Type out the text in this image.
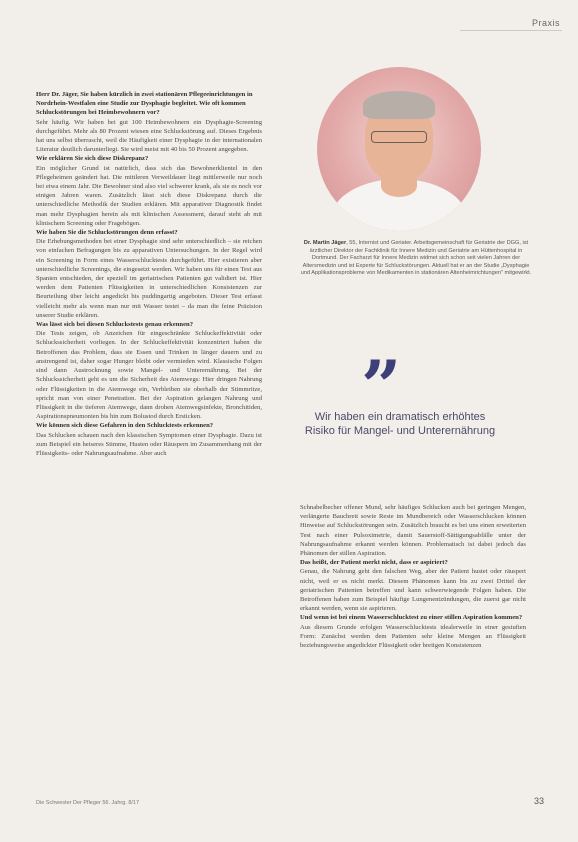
Praxis

Herr Dr. Jäger, Sie haben kürzlich in zwei stationären Pflegeeinrichtungen in Nordrhein-Westfalen eine Studie zur Dysphagie begleitet. Wie oft kommen Schluckstörungen bei Heimbewohnern vor?

Sehr häufig. Wir haben bei gut 100 Heimbewohnern ein Dysphagie-Screening durchgeführt. Mehr als 80 Prozent wiesen eine Schluckstörung auf. Dieses Ergebnis hat uns selbst überrascht, weil die Häufigkeit einer Dysphagie in der internationalen Literatur deutlich darunterliegt. Sie wird meist mit 40 bis 50 Prozent angegeben.

Wie erklären Sie sich diese Diskrepanz?

Ein möglicher Grund ist natürlich, dass sich das Bewohnerklientel in den Pflegeheimen geändert hat. Die mittleren Verweildauer liegt mittlerweile nur noch bei etwa einem Jahr. Die Bewohner sind also viel schwerer krank, als sie es noch vor einigen Jahren waren. Zusätzlich lässt sich diese Diskrepanz durch die unterschiedliche Methodik der Studien erklären. Mit apparativer Diagnostik findet man mehr Dysphagien herein als mit klinischen Assessment, darauf steht ab mit klinischem Screening oder Fragebögen.

Wie haben Sie die Schluckstörungen denn erfasst?

Die Erhebungsmethoden bei einer Dysphagie sind sehr unterschiedlich – sie reichen von einfachen Befragungen bis zu apparativen Untersuchungen. In der Regel wird ein Screening in Form eines Wasserschlucktests durchgeführt. Hier existieren aber unterschiedliche Screenings, die eingesetzt werden. Wir haben uns für einen Test aus Spanien entschieden, der speziell im geriatrischen Patienten gut validiert ist. Hier werden dem Patienten Flüssigkeiten in unterschiedlichen Konsistenzen zur Beurteilung über leicht angedickt bis puddingartig angeboten. Dieser Test erfasst vielleicht mehr als wenn man nur mit Wasser testet – da man die feine Präzision unserer Studie erklären.

Was lässt sich bei diesen Schluckstests genau erkennen?

Die Tests zeigen, ob Anzeichen für eingeschränkte Schluckeffektivität oder Schluckssicherheit vorliegen. In der Schluckeffektivität konzentriert haben die Betroffenen das Problem, dass sie Essen und Trinken in länger dauern und zu anstrengend ist, daher sogar Hunger bleibt oder vermieden wird. Klassische Folgen sind dann Austrocknung sowie Mangel- und Unterernährung. Bei der Schluckssicherheit geht es um die Sicherheit des Atemwegs: Hier dringen Nahrung oder Flüssigkeiten in die Atemwege ein, Verbleiben sie oberhalb der Stimmritze, spricht man von einer Penetration. Bei der Aspiration gelangen Nahrung und Flüssigkeit in die tieferen Atemwege, dann drohen Atemwegsinfekte, Bronchitiden, Aspirationspneumonien bis hin zum Bolustod durch Ersticken.

Wie können sich diese Gefahren in den Schlucktests erkennen?

Das Schlucken schauen nach den klassischen Symptomen einer Dysphagie. Dazu ist zum Beispiel ein heiseres Stimme, Husten oder Räuspern im Zusammenhang mit der Flüssigkeits- oder Nahrungsaufnahme. Aber auch

Dr. Martin Jäger, 55, Internist und Geriater. Arbeitsgemeinschaft für Geriatrie der DGG, ist ärztlicher Direktor der Fachklinik für Innere Medizin und Geriatrie am Hüttenhospital in Dortmund. Der Facharzt für Innere Medizin widmet sich schon seit vielen Jahren der Altersmedizin und ist Experte für Schluckstörungen. Aktuell hat er an der Studie „Dysphagie und Applikationsprobleme von Medikamenten in stationären Altenheimrichtungen" mitgewirkt.
”
Wir haben ein dramatisch erhöhtes Risiko für Mangel- und Unterernährung

Schnabelbecher offener Mund, sehr häufiges Schlucken auch bei geringen Mengen, verlängerte Bauchreit sowie Reste im Mundbereich oder Wasserschlucken können Hinweise auf Schluckstörungen sein. Zusätzlich braucht es bei uns einen erweiterten Test nach einer Pulsoximetrie, damit Sauerstoff-Sättigungsabfälle unter der Nahrungsaufnahme erkannt werden können. Problematisch ist dabei jedoch das Phänomen der stillen Aspiration.

Das heißt, der Patient merkt nicht, dass er aspiriert?

Genau, die Nahrung geht den falschen Weg, aber der Patient hustet oder räuspert nicht, weil er es nicht merkt. Diesem Phänomen kann bis zu zwei Drittel der geriatrischen Patienten betreffen und kann schwerwiegende Folgen haben. Die Betroffenen haben zum Beispiel häufige Lungenentzündungen, die zuerst gar nicht erkannt werden, wenn sie aspirieren.

Und wenn ist bei einem Wasserschlucktest zu einer stillen Aspiration kommen?

Aus diesem Grunde erfolgen Wasserschlucktests idealerweile in einer gestuften Form: Zunächst werden dem Patienten sehr kleine Mengen an Flüssigkeit beziehungsweise angedickter Flüssigkeit oder breiigen Konsistenzen

Die Schwester Der Pfleger 56. Jahrg. 8/17	33
